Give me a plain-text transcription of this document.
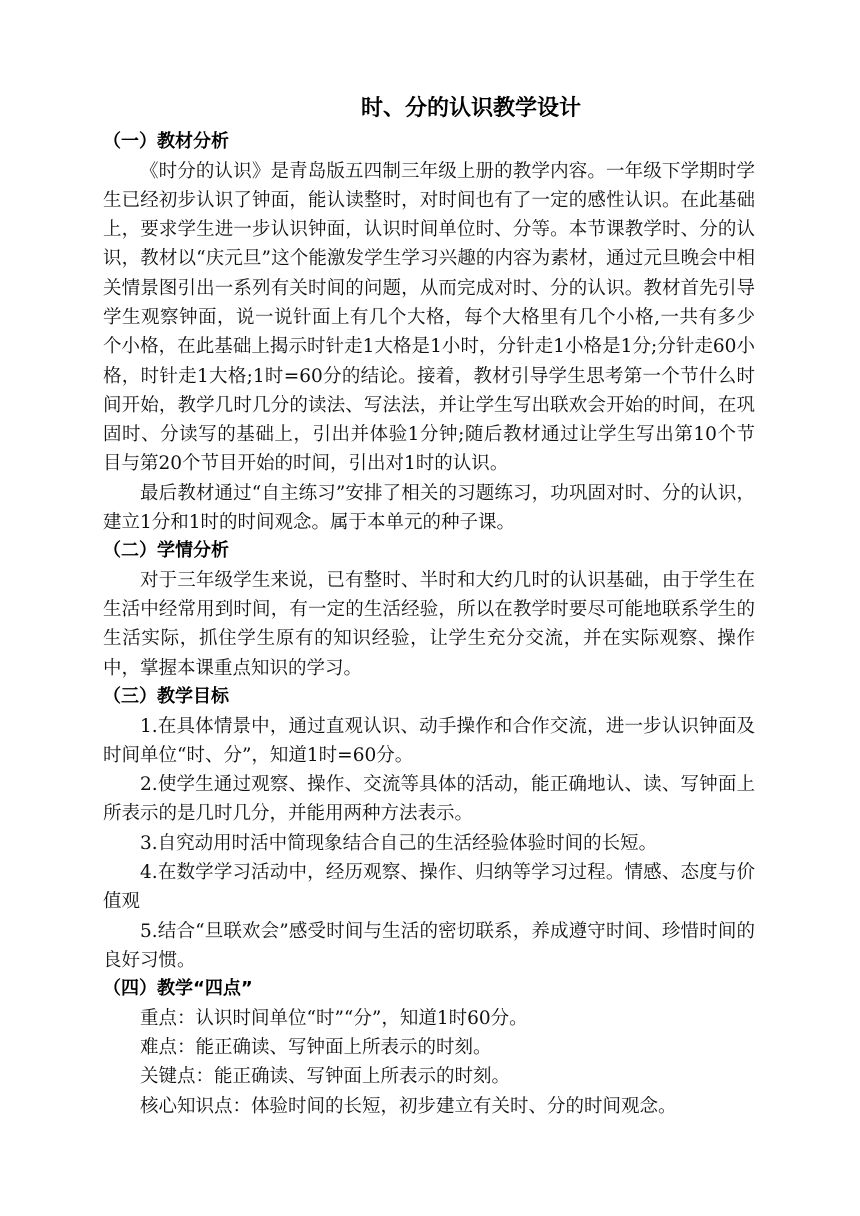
时、分的认识教学设计
（一）教材分析

《时分的认识》是青岛版五四制三年级上册的教学内容。一年级下学期时学生已经初步认识了钟面，能认读整时，对时间也有了一定的感性认识。在此基础上，要求学生进一步认识钟面，认识时间单位时、分等。本节课教学时、分的认识，教材以“庆元旦”这个能激发学生学习兴趣的内容为素材，通过元旦晚会中相关情景图引出一系列有关时间的问题，从而完成对时、分的认识。教材首先引导学生观察钟面，说一说针面上有几个大格，每个大格里有几个小格,一共有多少个小格，在此基础上揭示时针走1大格是1小时，分针走1小格是1分;分针走60小格，时针走1大格;1时=60分的结论。接着，教材引导学生思考第一个节什么时间开始，教学几时几分的读法、写法法，并让学生写出联欢会开始的时间，在巩固时、分读写的基础上，引出并体验1分钟;随后教材通过让学生写出第10个节目与第20个节目开始的时间，引出对1时的认识。

最后教材通过“自主练习”安排了相关的习题练习，功巩固对时、分的认识，建立1分和1时的时间观念。属于本单元的种子课。

（二）学情分析

对于三年级学生来说，已有整时、半时和大约几时的认识基础，由于学生在生活中经常用到时间，有一定的生活经验，所以在教学时要尽可能地联系学生的生活实际，抓住学生原有的知识经验，让学生充分交流，并在实际观察、操作中，掌握本课重点知识的学习。

（三）教学目标

1.在具体情景中，通过直观认识、动手操作和合作交流，进一步认识钟面及时间单位“时、分”，知道1时=60分。

2.使学生通过观察、操作、交流等具体的活动，能正确地认、读、写钟面上所表示的是几时几分，并能用两种方法表示。

3.自究动用时活中简现象结合自己的生活经验体验时间的长短。

4.在数学学习活动中，经历观察、操作、归纳等学习过程。情感、态度与价值观

5.结合“旦联欢会”感受时间与生活的密切联系，养成遵守时间、珍惜时间的良好习惯。

（四）教学“四点”

重点：认识时间单位“时”“分”，知道1时60分。

难点：能正确读、写钟面上所表示的时刻。

关键点：能正确读、写钟面上所表示的时刻。

核心知识点：体验时间的长短，初步建立有关时、分的时间观念。
